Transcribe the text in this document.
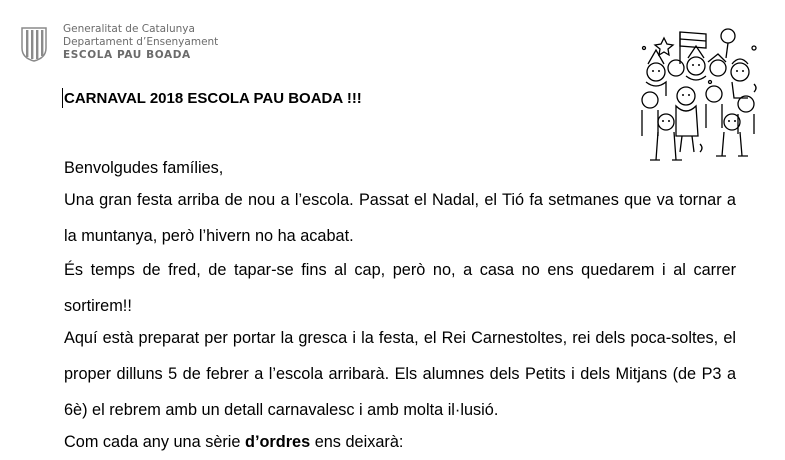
Generalitat de Catalunya
Departament d’Ensenyament
ESCOLA PAU BOADA
CARNAVAL 2018 ESCOLA PAU BOADA !!!
Benvolgudes famílies,
Una gran festa arriba de nou a l’escola. Passat el Nadal, el Tió fa setmanes que va tornar a la muntanya, però l’hivern no ha acabat.
És temps de fred, de tapar-se fins al cap, però no, a casa no ens quedarem i al carrer sortirem!!
Aquí està preparat per portar la gresca i la festa, el Rei Carnestoltes, rei dels poca-soltes, el proper dilluns 5 de febrer a l’escola arribarà. Els alumnes dels Petits i dels Mitjans (de P3 a 6è) el rebrem amb un detall carnavalesc i amb molta il·lusió.
Com cada any una sèrie d’ordres ens deixarà:
